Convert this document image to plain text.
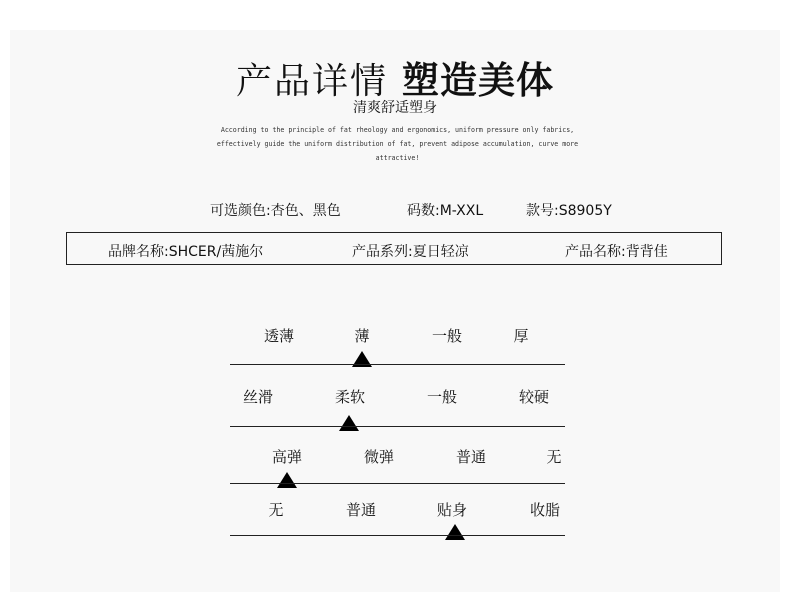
产品详情 塑造美体
清爽舒适塑身
According to the principle of fat rheology and ergonomics, uniform pressure only fabrics, effectively guide the uniform distribution of fat, prevent adipose accumulation, curve more attractive!
可选颜色:杏色、黑色	码数:M-XXL	款号:S8905Y
品牌名称:SHCER/茜施尔	产品系列:夏日轻凉	产品名称:背背佳
透薄	薄	一般	厚
丝滑	柔软	一般	较硬
高弹	微弹	普通	无
无	普通	贴身	收脂
